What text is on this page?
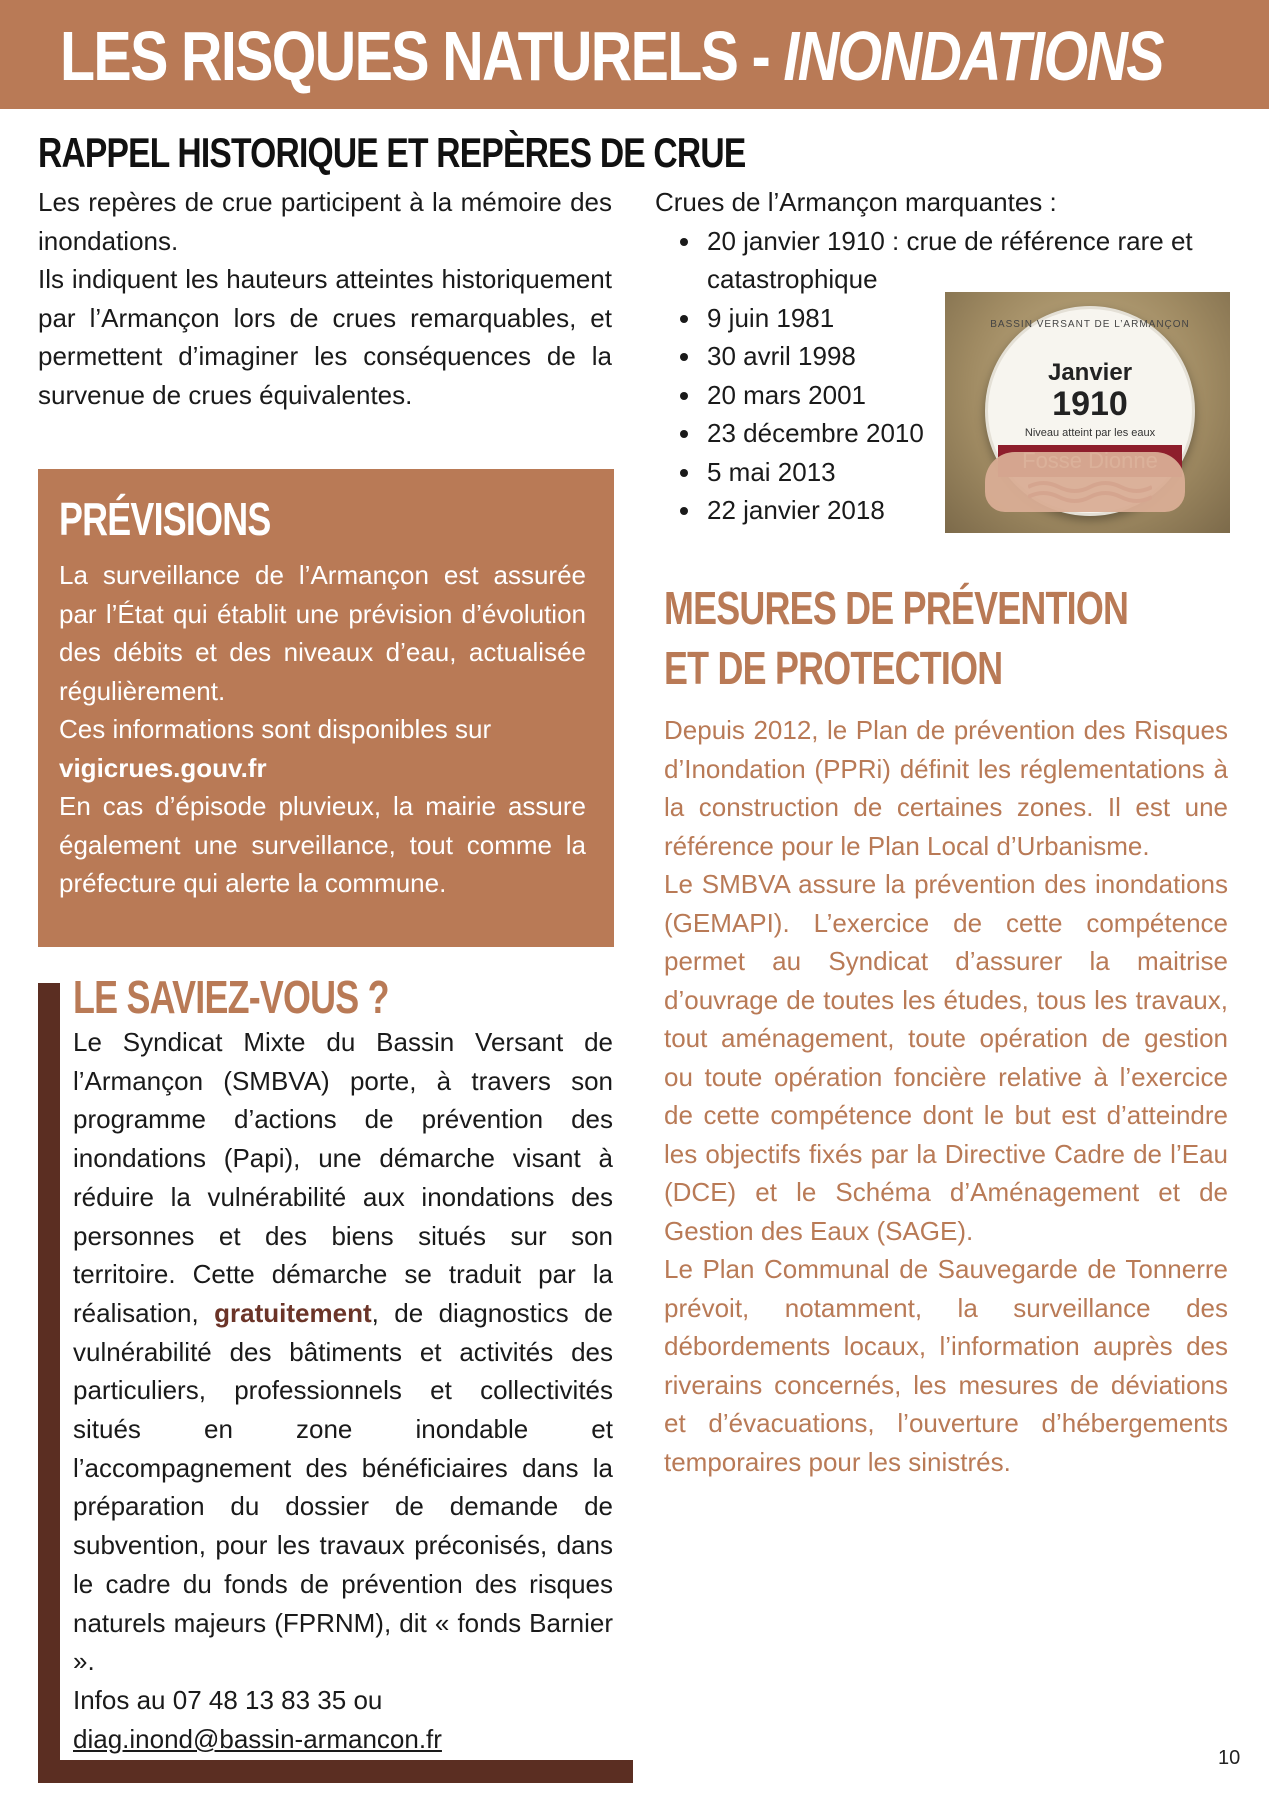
LES RISQUES NATURELS - INONDATIONS
RAPPEL HISTORIQUE ET REPÈRES DE CRUE

Les repères de crue participent à la mémoire des inondations.

Ils indiquent les hauteurs atteintes historiquement par l’Armançon lors de crues remarquables, et permettent d’imaginer les conséquences de la survenue de crues équivalentes.

Crues de l’Armançon marquantes :

• 20 janvier 1910 : crue de référence rare et catastrophique
• 9 juin 1981
• 30 avril 1998
• 20 mars 2001
• 23 décembre 2010
• 5 mai 2013
• 22 janvier 2018
BASSIN VERSANT DE L’ARMANÇON
Janvier
1910
Niveau atteint par les eaux
PRÉVISIONS

La surveillance de l’Armançon est assurée par l’État qui établit une prévision d’évolution des débits et des niveaux d’eau, actualisée régulièrement.

Ces informations sont disponibles sur
vigicrues.gouv.fr

En cas d’épisode pluvieux, la mairie assure également une surveillance, tout comme la préfecture qui alerte la commune.

LE SAVIEZ-VOUS ?

Le Syndicat Mixte du Bassin Versant de l’Armançon (SMBVA) porte, à travers son programme d’actions de prévention des inondations (Papi), une démarche visant à réduire la vulnérabilité aux inondations des personnes et des biens situés sur son territoire. Cette démarche se traduit par la réalisation, gratuitement, de diagnostics de vulnérabilité des bâtiments et activités des particuliers, professionnels et collectivités situés en zone inondable et l’accompagnement des bénéficiaires dans la préparation du dossier de demande de subvention, pour les travaux préconisés, dans le cadre du fonds de prévention des risques naturels majeurs (FPRNM), dit « fonds Barnier ».

Infos au 07 48 13 83 35 ou

diag.inond@bassin-armancon.fr

MESURES DE PRÉVENTION
ET DE PROTECTION

Depuis 2012, le Plan de prévention des Risques d’Inondation (PPRi) définit les réglementations à la construction de certaines zones. Il est une référence pour le Plan Local d’Urbanisme.

Le SMBVA assure la prévention des inondations (GEMAPI). L’exercice de cette compétence permet au Syndicat d’assurer la maitrise d’ouvrage de toutes les études, tous les travaux, tout aménagement, toute opération de gestion ou toute opération foncière relative à l’exercice de cette compétence dont le but est d’atteindre les objectifs fixés par la Directive Cadre de l’Eau (DCE) et le Schéma d’Aménagement et de Gestion des Eaux (SAGE).

Le Plan Communal de Sauvegarde de Tonnerre prévoit, notamment, la surveillance des débordements locaux, l’information auprès des riverains concernés, les mesures de déviations et d’évacuations, l’ouverture d’hébergements temporaires pour les sinistrés.

10
